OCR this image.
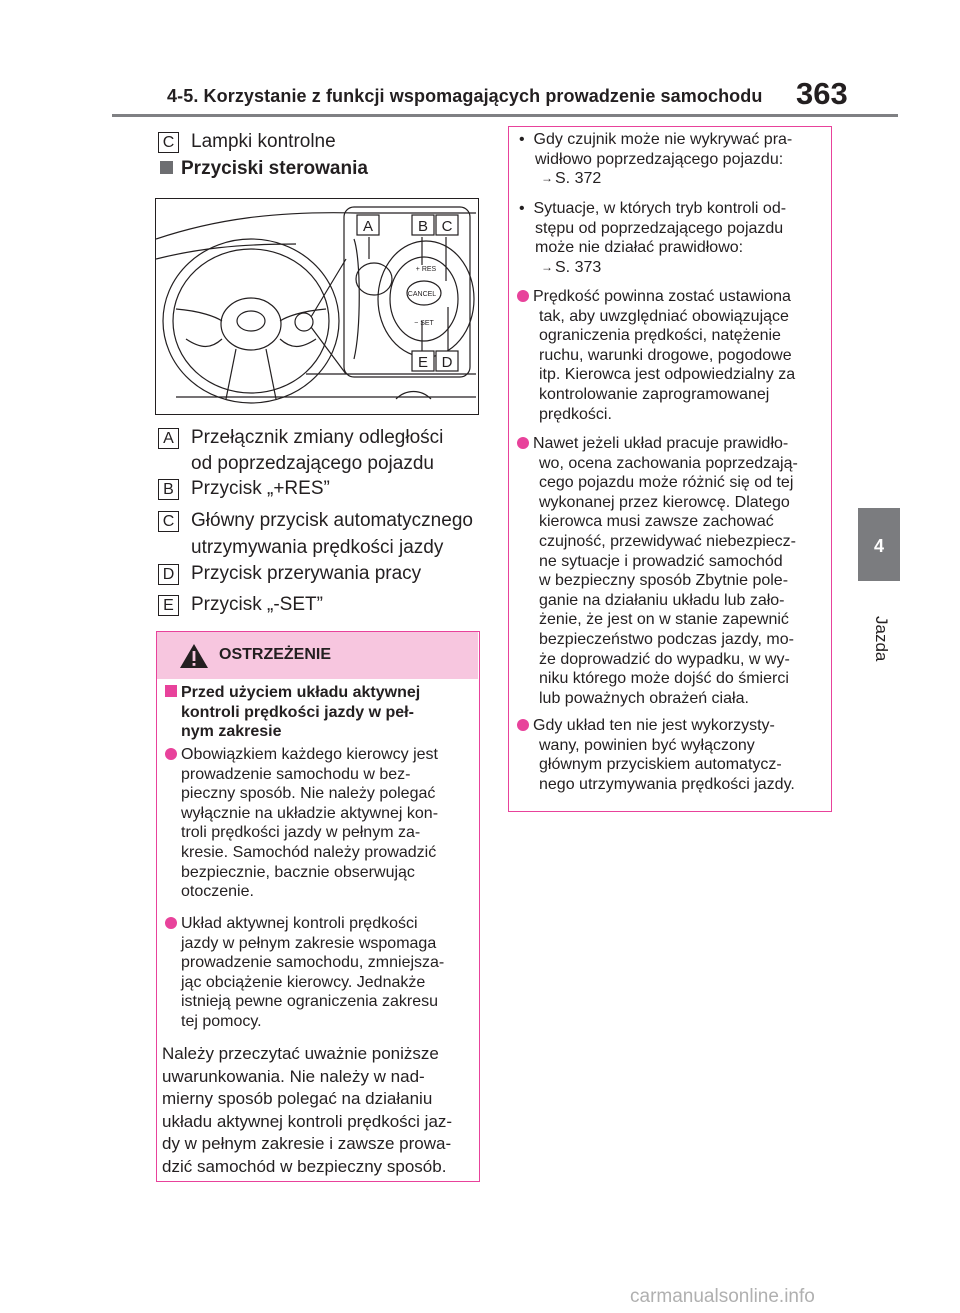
4-5. Korzystanie z funkcji wspomagających prowadzenie samochodu 363
4
Jazda
C Lampki kontrolne
Przyciski sterowania
A	B C
E D
+ RES
CANCEL
− SET
A Przełącznik zmiany odległości
od poprzedzającego pojazdu
B Przycisk „+RES”
C Główny przycisk automatycznego
utrzymywania prędkości jazdy
D Przycisk przerywania pracy
E Przycisk „-SET”
OSTRZEŻENIE
Przed użyciem układu aktywnej
kontroli prędkości jazdy w peł-
nym zakresie
Obowiązkiem każdego kierowcy jest
prowadzenie samochodu w bez-
pieczny sposób. Nie należy polegać
wyłącznie na układzie aktywnej kon-
troli prędkości jazdy w pełnym za-
kresie. Samochód należy prowadzić
bezpiecznie, bacznie obserwując
otoczenie.
Układ aktywnej kontroli prędkości
jazdy w pełnym zakresie wspomaga
prowadzenie samochodu, zmniejsza-
jąc obciążenie kierowcy. Jednakże
istnieją pewne ograniczenia zakresu
tej pomocy.
Należy przeczytać uważnie poniższe
uwarunkowania. Nie należy w nad-
mierny sposób polegać na działaniu
układu aktywnej kontroli prędkości jaz-
dy w pełnym zakresie i zawsze prowa-
dzić samochód w bezpieczny sposób.
• Gdy czujnik może nie wykrywać pra-
widłowo poprzedzającego pojazdu:
→ S. 372
• Sytuacje, w których tryb kontroli od-
stępu od poprzedzającego pojazdu
może nie działać prawidłowo:
→ S. 373
Prędkość powinna zostać ustawiona
tak, aby uwzględniać obowiązujące
ograniczenia prędkości, natężenie
ruchu, warunki drogowe, pogodowe
itp. Kierowca jest odpowiedzialny za
kontrolowanie zaprogramowanej
prędkości.
Nawet jeżeli układ pracuje prawidło-
wo, ocena zachowania poprzedzają-
cego pojazdu może różnić się od tej
wykonanej przez kierowcę. Dlatego
kierowca musi zawsze zachować
czujność, przewidywać niebezpiecz-
ne sytuacje i prowadzić samochód
w bezpieczny sposób Zbytnie pole-
ganie na działaniu układu lub zało-
żenie, że jest on w stanie zapewnić
bezpieczeństwo podczas jazdy, mo-
że doprowadzić do wypadku, w wy-
niku którego może dojść do śmierci
lub poważnych obrażeń ciała.
Gdy układ ten nie jest wykorzysty-
wany, powinien być wyłączony
głównym przyciskiem automatycz-
nego utrzymywania prędkości jazdy.
carmanualsonline.info
